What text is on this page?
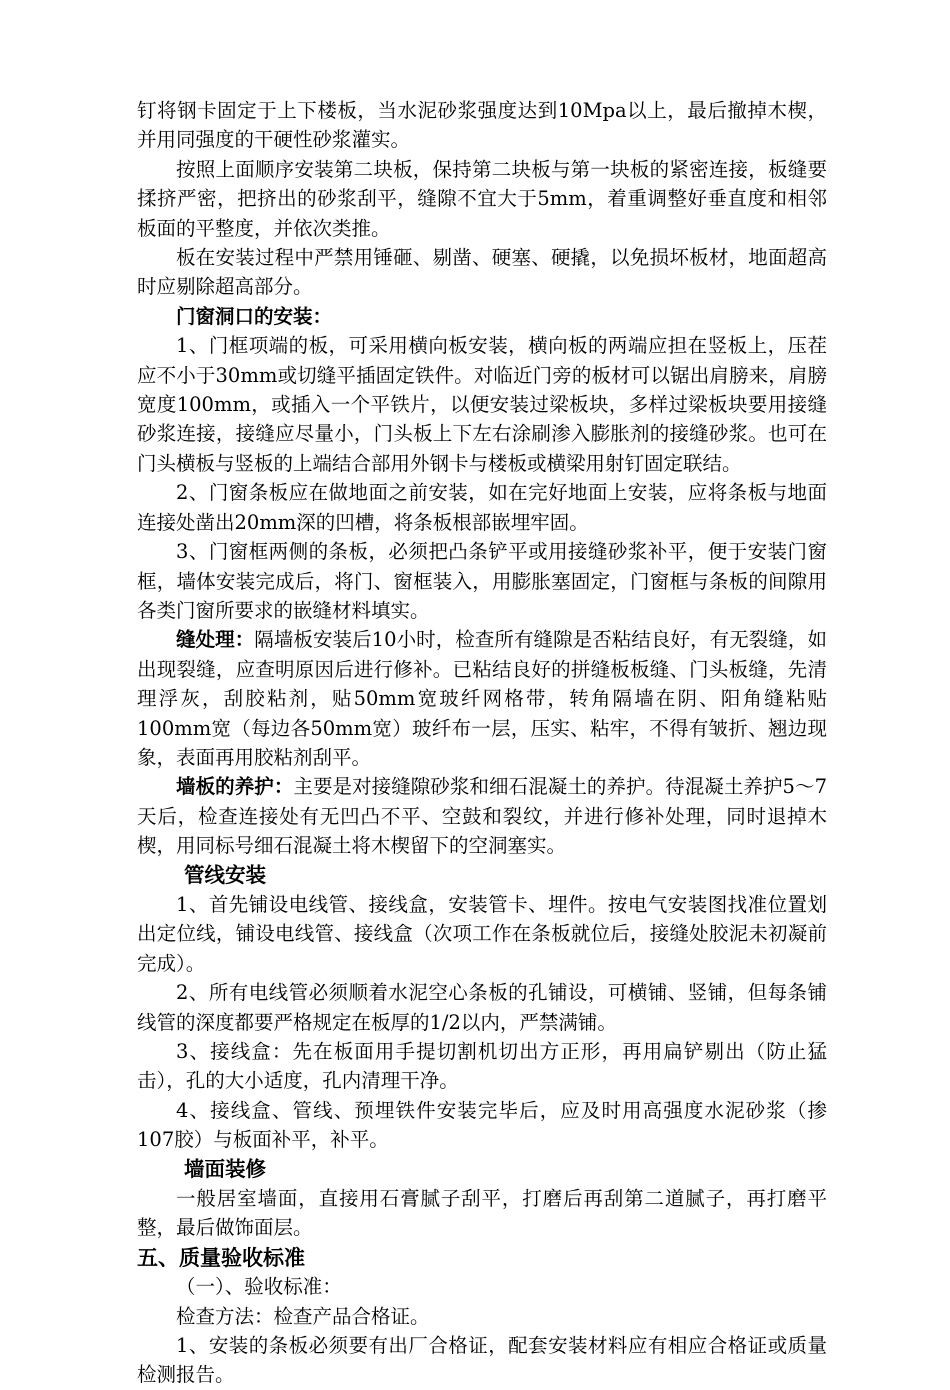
钉将钢卡固定于上下楼板，当水泥砂浆强度达到10Mpa以上，最后撤掉木楔，并用同强度的干硬性砂浆灌实。

按照上面顺序安装第二块板，保持第二块板与第一块板的紧密连接，板缝要揉挤严密，把挤出的砂浆刮平，缝隙不宜大于5mm，着重调整好垂直度和相邻板面的平整度，并依次类推。

板在安装过程中严禁用锤砸、剔凿、硬塞、硬撬，以免损坏板材，地面超高时应剔除超高部分。

门窗洞口的安装：

1、门框项端的板，可采用横向板安装，横向板的两端应担在竖板上，压茬应不小于30mm或切缝平插固定铁件。对临近门旁的板材可以锯出肩膀来，肩膀宽度100mm，或插入一个平铁片，以便安装过梁板块，多样过梁板块要用接缝砂浆连接，接缝应尽量小，门头板上下左右涂刷渗入膨胀剂的接缝砂浆。也可在门头横板与竖板的上端结合部用外钢卡与楼板或横梁用射钉固定联结。

2、门窗条板应在做地面之前安装，如在完好地面上安装，应将条板与地面连接处凿出20mm深的凹槽，将条板根部嵌埋牢固。

3、门窗框两侧的条板，必须把凸条铲平或用接缝砂浆补平，便于安装门窗框，墙体安装完成后，将门、窗框装入，用膨胀塞固定，门窗框与条板的间隙用各类门窗所要求的嵌缝材料填实。

缝处理：隔墙板安装后10小时，检查所有缝隙是否粘结良好，有无裂缝，如出现裂缝，应查明原因后进行修补。已粘结良好的拼缝板板缝、门头板缝，先清理浮灰，刮胶粘剂，贴50mm宽玻纤网格带，转角隔墙在阴、阳角缝粘贴100mm宽（每边各50mm宽）玻纤布一层，压实、粘牢，不得有皱折、翘边现象，表面再用胶粘剂刮平。

墙板的养护：主要是对接缝隙砂浆和细石混凝土的养护。待混凝土养护5～7天后，检查连接处有无凹凸不平、空鼓和裂纹，并进行修补处理，同时退掉木楔，用同标号细石混凝土将木楔留下的空洞塞实。

管线安装

1、首先铺设电线管、接线盒，安装管卡、埋件。按电气安装图找准位置划出定位线，铺设电线管、接线盒（次项工作在条板就位后，接缝处胶泥未初凝前完成）。

2、所有电线管必须顺着水泥空心条板的孔铺设，可横铺、竖铺，但每条铺线管的深度都要严格规定在板厚的1/2以内，严禁满铺。

3、接线盒：先在板面用手提切割机切出方正形，再用扁铲剔出（防止猛击），孔的大小适度，孔内清理干净。

4、接线盒、管线、预埋铁件安装完毕后，应及时用高强度水泥砂浆（掺107胶）与板面补平，补平。

墙面装修

一般居室墙面，直接用石膏腻子刮平，打磨后再刮第二道腻子，再打磨平整，最后做饰面层。

五、质量验收标准

（一）、验收标准：

检查方法：检查产品合格证。

1、安装的条板必须要有出厂合格证，配套安装材料应有相应合格证或质量检测报告。
